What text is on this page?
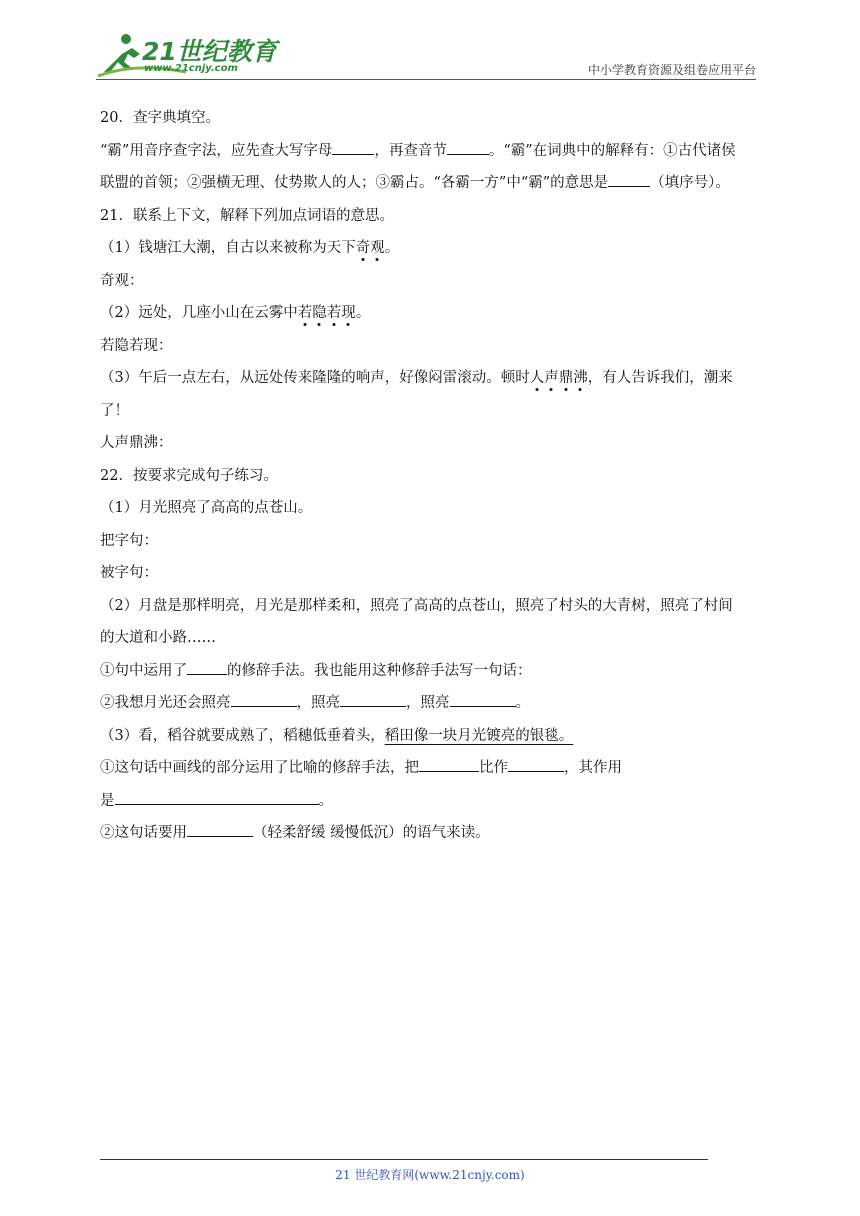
21世纪教育
www.21cnjy.com	中小学教育资源及组卷应用平台
20．查字典填空。
“霸”用音序查字法，应先查大写字母	，再查音节	。“霸”在词典中的解释有：①古代诸侯
联盟的首领；②强横无理、仗势欺人的人；③霸占。“各霸一方”中“霸”的意思是	（填序号）。
21．联系上下文，解释下列加点词语的意思。
（1）钱塘江大潮，自古以来被称为天下奇观。
奇观：
（2）远处，几座小山在云雾中若隐若现。
若隐若现：
（3）午后一点左右，从远处传来隆隆的响声，好像闷雷滚动。顿时人声鼎沸，有人告诉我们，潮来
了！
人声鼎沸：
22．按要求完成句子练习。
（1）月光照亮了高高的点苍山。
把字句：
被字句：
（2）月盘是那样明亮，月光是那样柔和，照亮了高高的点苍山，照亮了村头的大青树，照亮了村间
的大道和小路……
①句中运用了	的修辞手法。我也能用这种修辞手法写一句话：
②我想月光还会照亮	，照亮	，照亮	。
（3）看，稻谷就要成熟了，稻穗低垂着头，稻田像一块月光镀亮的银毯。
①这句话中画线的部分运用了比喻的修辞手法，把	比作	，其作用
是	。
②这句话要用	（轻柔舒缓 缓慢低沉）的语气来读。
21 世纪教育网(www.21cnjy.com)
